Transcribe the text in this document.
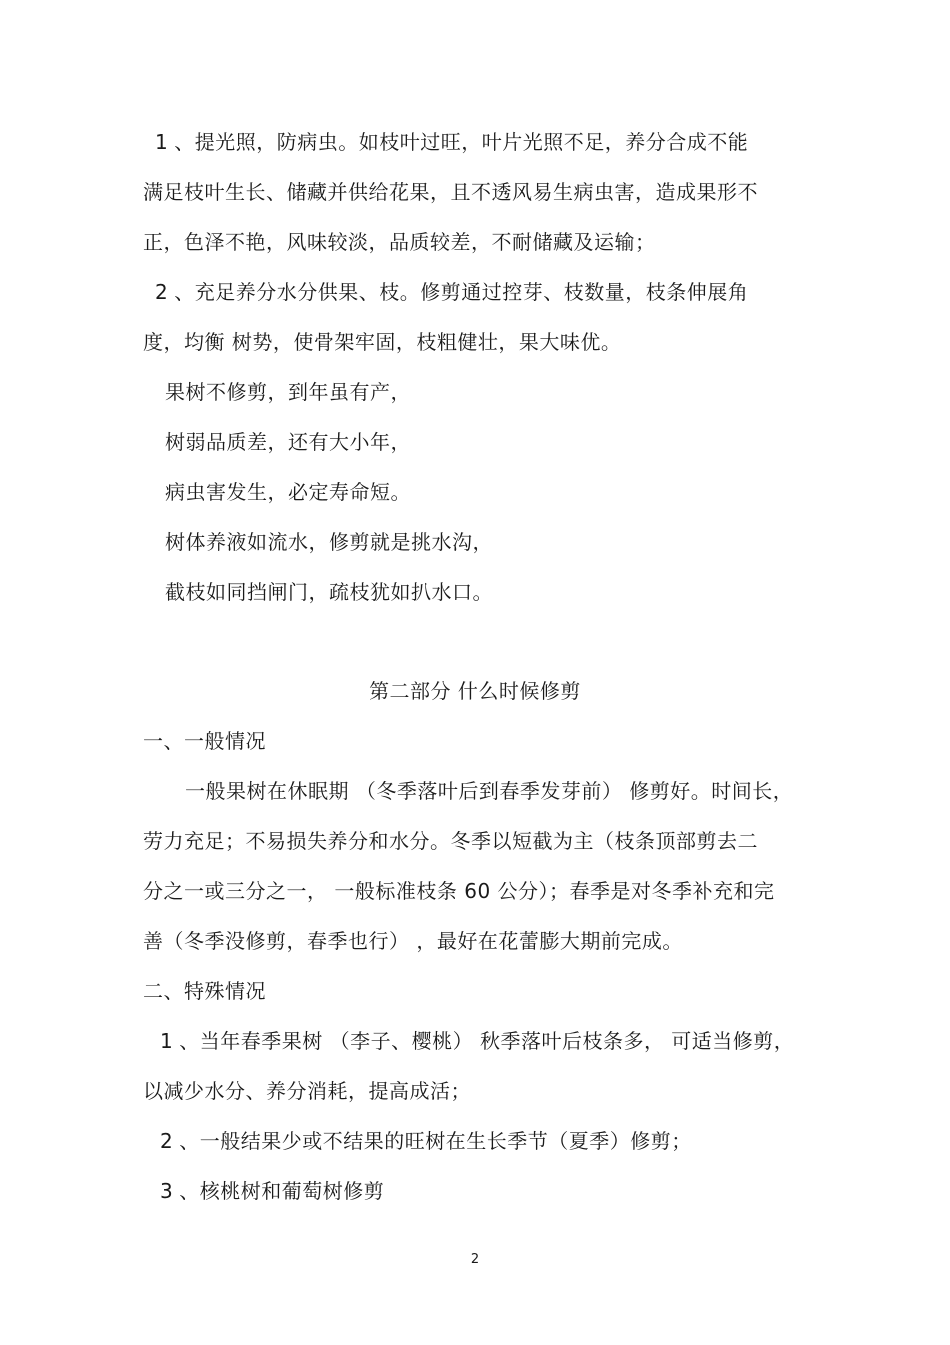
1 、提光照，防病虫。如枝叶过旺，叶片光照不足，养分合成不能
满足枝叶生长、储藏并供给花果，且不透风易生病虫害，造成果形不
正，色泽不艳，风味较淡，品质较差，不耐储藏及运输；
2 、充足养分水分供果、枝。修剪通过控芽、枝数量，枝条伸展角
度，均衡 树势，使骨架牢固，枝粗健壮，果大味优。
果树不修剪，到年虽有产，
树弱品质差，还有大小年，
病虫害发生，必定寿命短。
树体养液如流水，修剪就是挑水沟，
截枝如同挡闸门，疏枝犹如扒水口。
第二部分 什么时候修剪
一、一般情况
一般果树在休眠期 （冬季落叶后到春季发芽前） 修剪好。时间长，
劳力充足；不易损失养分和水分。冬季以短截为主（枝条顶部剪去二
分之一或三分之一， 一般标准枝条 60 公分）；春季是对冬季补充和完
善（冬季没修剪，春季也行） ，最好在花蕾膨大期前完成。
二、特殊情况
1 、当年春季果树 （李子、樱桃） 秋季落叶后枝条多， 可适当修剪，
以减少水分、养分消耗，提高成活；
2 、一般结果少或不结果的旺树在生长季节（夏季）修剪；
3 、核桃树和葡萄树修剪
2
